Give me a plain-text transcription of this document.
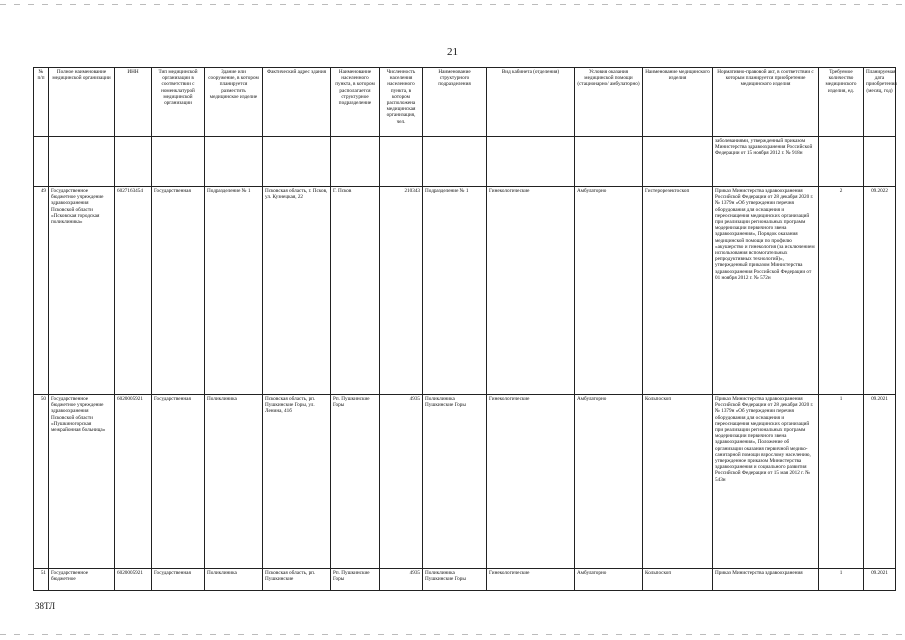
21
№ п/п	Полное наименование медицинской организации	ИНН	Тип медицинской организации в соответствии с номенклатурой медицинской организации	Здание или сооружение, в котором планируется разместить медицинское изделие	Фактический адрес здания	Наименование населенного пункта, в котором располагается структурное подразделение	Численность населения населенного пункта, в котором расположена медицинская организация, чел.	Наименование структурного подразделения	Вид кабинета (отделения)	Условия оказания медицинской помощи (стационарно/ амбулаторно)	Наименование медицинского изделия	Нормативно-правовой акт, в соответствии с которым планируется приобретение медицинского изделия	Требуемое количество медицинского изделия, ед.	Планируемая дата приобретения (месяц, год)
												заболеваниями, утвержденный приказом Министерства здравоохранения Российской Федерации от 15 ноября 2012 г. № 918н		
49	Государственное бюджетное учреждение здравоохранения Псковской области «Псковская городская поликлиника»	6027163454	Государственная	Подразделение № 1	Псковская область, г. Псков, ул. Кузнецкая, 22	Г. Псков	210343	Подразделение № 1	Гинекологические	Амбулаторно	Гистерорезектоскоп	Приказ Министерства здравоохранения Российской Федерации от 28 декабря 2020 г. № 1379н «Об утверждении перечня оборудования для оснащения и переоснащения медицинских организаций при реализации региональных программ модернизации первичного звена здравоохранения», Порядок оказания медицинской помощи по профилю «акушерство и гинекология (за исключением использования вспомогательных репродуктивных технологий)», утвержденный приказом Министерства здравоохранения Российской Федерации от 01 ноября 2012 г. № 572н	2	09.2022
50	Государственное бюджетное учреждение здравоохранения Псковской области «Пушкиногорская межрайонная больница»	6020005921	Государственная	Поликлиника	Псковская область, рп. Пушкинские Горы, ул. Ленина, 41б	Рп. Пушкинские Горы	4935	Поликлиника Пушкинские Горы	Гинекологические	Амбулаторно	Кольпоскоп	Приказ Министерства здравоохранения Российской Федерации от 28 декабря 2020 г. № 1379н «Об утверждении перечня оборудования для оснащения и переоснащения медицинских организаций при реализации региональных программ модернизации первичного звена здравоохранения», Положение об организации оказания первичной медико-санитарной помощи взрослому населению, утвержденное приказом Министерства здравоохранения и социального развития Российской Федерации от 15 мая 2012 г. № 543н	1	09.2021
51	Государственное бюджетное	6020005921	Государственная	Поликлиника	Псковская область, рп. Пушкинские	Рп. Пушкинские Горы	4935	Поликлиника Пушкинские Горы	Гинекологические	Амбулаторно	Кольпоскоп	Приказ Министерства здравоохранения	1	09.2021
38ТЛ
